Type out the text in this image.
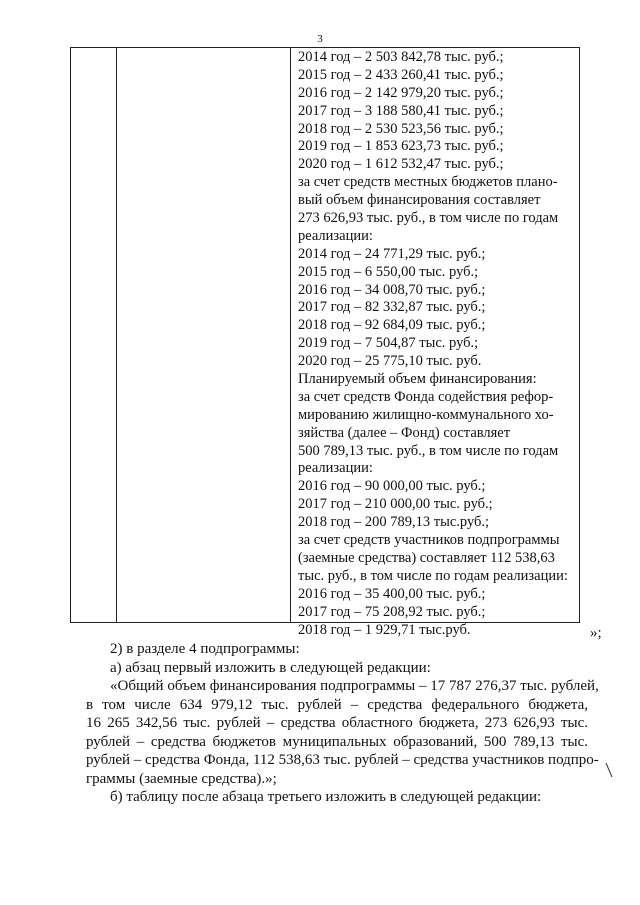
3
2014 год – 2 503 842,78 тыс. руб.;
2015 год – 2 433 260,41 тыс. руб.;
2016 год – 2 142 979,20 тыс. руб.;
2017 год – 3 188 580,41 тыс. руб.;
2018 год – 2 530 523,56 тыс. руб.;
2019 год – 1 853 623,73 тыс. руб.;
2020 год – 1 612 532,47 тыс. руб.;
за счет средств местных бюджетов плано-
вый объем финансирования составляет
273 626,93 тыс. руб., в том числе по годам
реализации:
2014 год – 24 771,29 тыс. руб.;
2015 год – 6 550,00 тыс. руб.;
2016 год – 34 008,70 тыс. руб.;
2017 год – 82 332,87 тыс. руб.;
2018 год – 92 684,09 тыс. руб.;
2019 год – 7 504,87 тыс. руб.;
2020 год – 25 775,10 тыс. руб.
Планируемый объем финансирования:
за счет средств Фонда содействия рефор-
мированию жилищно-коммунального хо-
зяйства (далее – Фонд) составляет
500 789,13 тыс. руб., в том числе по годам
реализации:
2016 год – 90 000,00 тыс. руб.;
2017 год – 210 000,00 тыс. руб.;
2018 год – 200 789,13 тыс.руб.;
за счет средств участников подпрограммы
(заемные средства) составляет 112 538,63
тыс. руб., в том числе по годам реализации:
2016 год – 35 400,00 тыс. руб.;
2017 год – 75 208,92 тыс. руб.;
2018 год – 1 929,71 тыс.руб.	»;

2) в разделе 4 подпрограммы:

а) абзац первый изложить в следующей редакции:

«Общий объем финансирования подпрограммы – 17 787 276,37 тыс. рублей,
в том числе 634 979,12 тыс. рублей – средства федерального бюджета,
16 265 342,56 тыс. рублей – средства областного бюджета, 273 626,93 тыс.
рублей – средства бюджетов муниципальных образований, 500 789,13 тыс.
рублей – средства Фонда, 112 538,63 тыс. рублей – средства участников подпро-
граммы (заемные средства).»;

б) таблицу после абзаца третьего изложить в следующей редакции:
